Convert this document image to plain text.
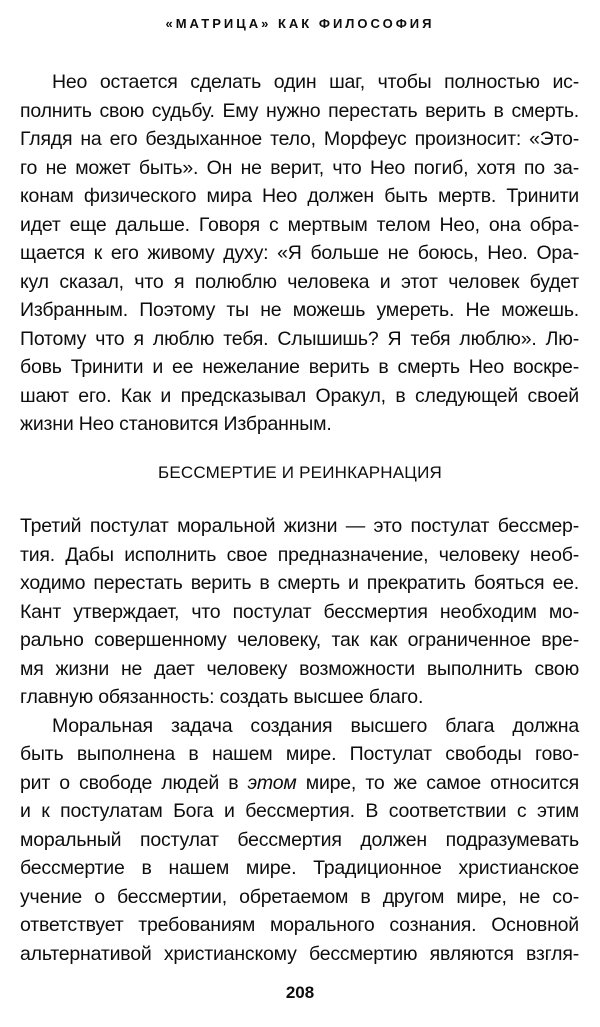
«МАТРИЦА» КАК ФИЛОСОФИЯ
Нео остается сделать один шаг, чтобы полностью ис-
полнить свою судьбу. Ему нужно перестать верить в смерть.
Глядя на его бездыханное тело, Морфеус произносит: «Это-
го не может быть». Он не верит, что Нео погиб, хотя по за-
конам физического мира Нео должен быть мертв. Тринити
идет еще дальше. Говоря с мертвым телом Нео, она обра-
щается к его живому духу: «Я больше не боюсь, Нео. Ора-
кул сказал, что я полюблю человека и этот человек будет
Избранным. Поэтому ты не можешь умереть. Не можешь.
Потому что я люблю тебя. Слышишь? Я тебя люблю». Лю-
бовь Тринити и ее нежелание верить в смерть Нео воскре-
шают его. Как и предсказывал Оракул, в следующей своей
жизни Нео становится Избранным.
БЕССМЕРТИЕ И РЕИНКАРНАЦИЯ
Третий постулат моральной жизни — это постулат бессмер-
тия. Дабы исполнить свое предназначение, человеку необ-
ходимо перестать верить в смерть и прекратить бояться ее.
Кант утверждает, что постулат бессмертия необходим мо-
рально совершенному человеку, так как ограниченное вре-
мя жизни не дает человеку возможности выполнить свою
главную обязанность: создать высшее благо.
Моральная задача создания высшего блага должна
быть выполнена в нашем мире. Постулат свободы гово-
рит о свободе людей в этом мире, то же самое относится
и к постулатам Бога и бессмертия. В соответствии с этим
моральный постулат бессмертия должен подразумевать
бессмертие в нашем мире. Традиционное христианское
учение о бессмертии, обретаемом в другом мире, не со-
ответствует требованиям морального сознания. Основной
альтернативой христианскому бессмертию являются взгля-
208
